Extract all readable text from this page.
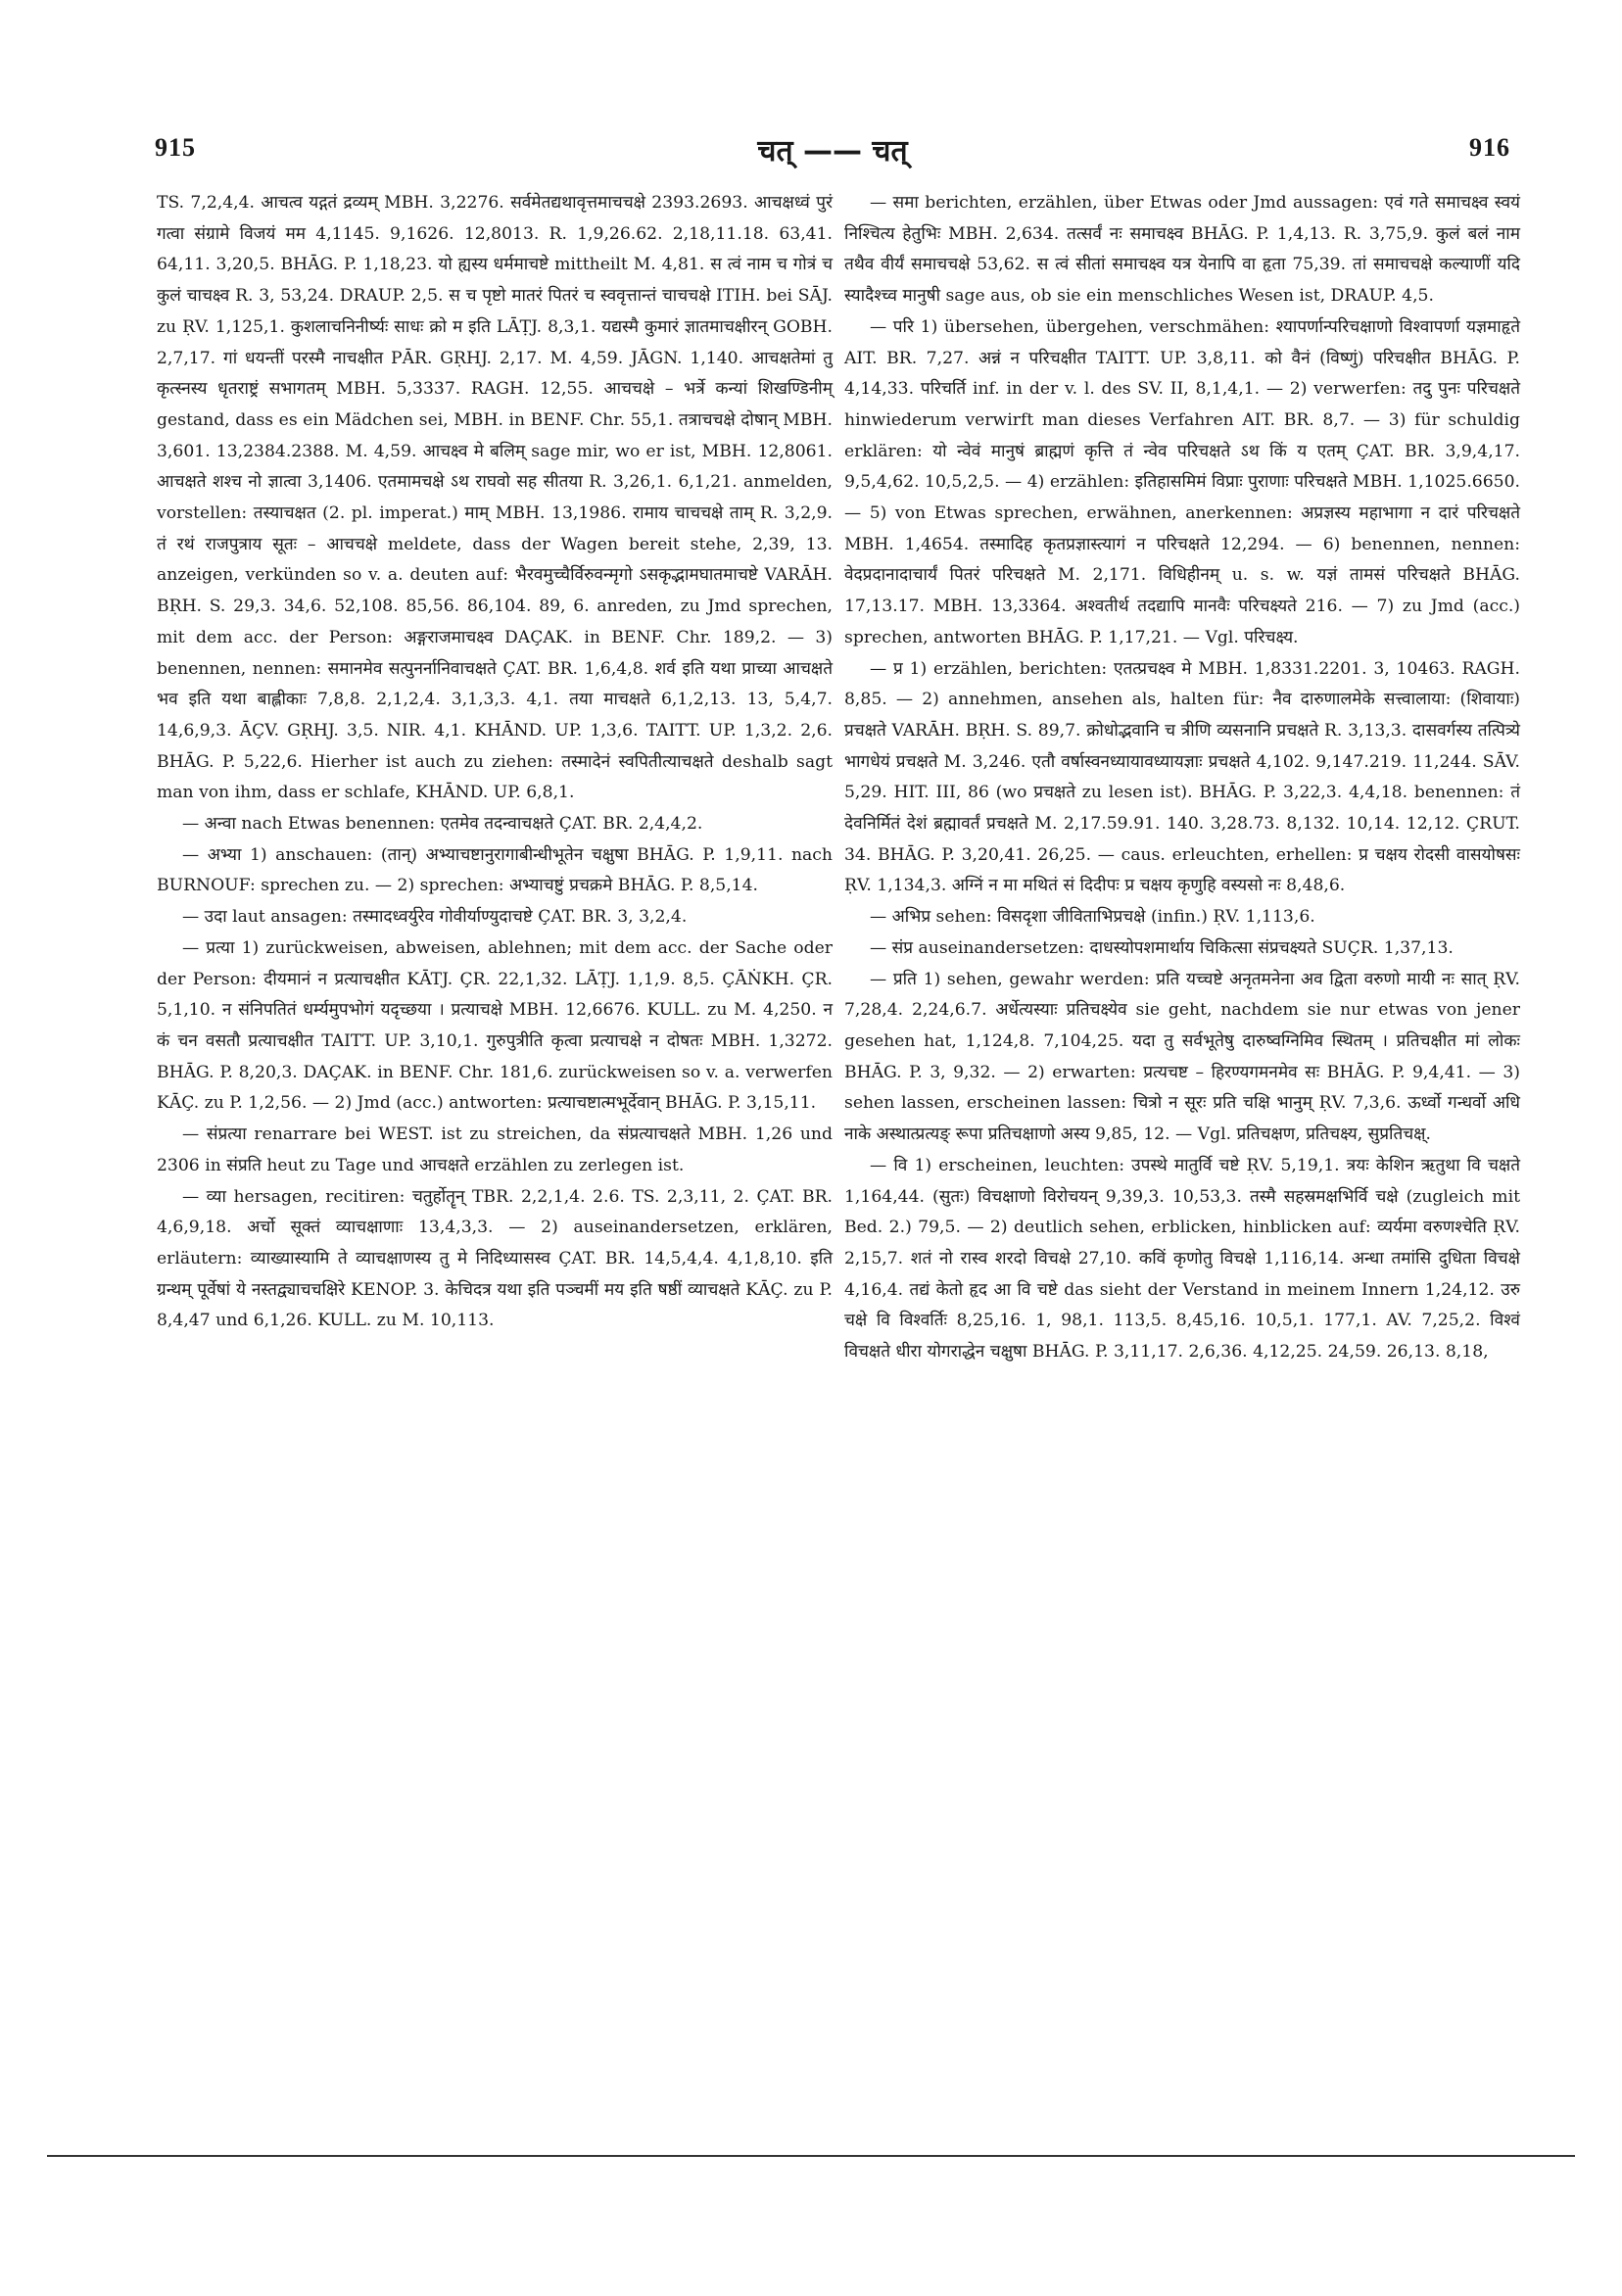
915	चत् —— चत्	916

TS. 7,2,4,4. आचत्व यद्गतं द्रव्यम् MBH. 3,2276. सर्वमेतद्यथावृत्तमाचचक्षे 2393.2693. आचक्षध्वं पुरं गत्वा संग्रामे विजयं मम 4,1145. 9,1626. 12,8013. R. 1,9,26.62. 2,18,11.18. 63,41. 64,11. 3,20,5. BHĀG. P. 1,18,23. यो ह्यस्य धर्ममाचष्टे mittheilt M. 4,81. स त्वं नाम च गोत्रं च कुलं चाचक्ष्व R. 3, 53,24. DRAUP. 2,5. स च पृष्टो मातरं पितरं च स्ववृत्तान्तं चाचचक्षे ITIH. bei SĀJ. zu ṚV. 1,125,1. कुशलाचनिनीर्ष्यः साधः क्रो म इति LĀṬJ. 8,3,1. यद्यस्मै कुमारं ज्ञातमाचक्षीरन् GOBH. 2,7,17. गां धयन्तीं परस्मै नाचक्षीत PĀR. GṚHJ. 2,17. M. 4,59. JĀGN. 1,140. आचक्षतेमां तु कृत्स्नस्य धृतराष्ट्रं सभागतम् MBH. 5,3337. RAGH. 12,55. आचचक्षे – भर्त्रे कन्यां शिखण्डिनीम् gestand, dass es ein Mädchen sei, MBH. in BENF. Chr. 55,1. तत्राचचक्षे दोषान् MBH. 3,601. 13,2384.2388. M. 4,59. आचक्ष्व मे बलिम् sage mir, wo er ist, MBH. 12,8061. आचक्षते शश्च नो ज्ञात्वा 3,1406. एतमामचक्षे ऽथ राघवो सह सीतया R. 3,26,1. 6,1,21. anmelden, vorstellen: तस्याचक्षत (2. pl. imperat.) माम् MBH. 13,1986. रामाय चाचचक्षे ताम् R. 3,2,9. तं रथं राजपुत्राय सूतः – आचचक्षे meldete, dass der Wagen bereit stehe, 2,39, 13. anzeigen, verkünden so v. a. deuten auf: भैरवमुच्चैर्विरुवन्मृगो ऽसकृद्भामघातमाचष्टे VARĀH. BṚH. S. 29,3. 34,6. 52,108. 85,56. 86,104. 89, 6. anreden, zu Jmd sprechen, mit dem acc. der Person: अङ्गराजमाचक्ष्व DAÇAK. in BENF. Chr. 189,2. — 3) benennen, nennen: समानमेव सत्पुनर्नानिवाचक्षते ÇAT. BR. 1,6,4,8. शर्व इति यथा प्राच्या आचक्षते भव इति यथा बाह्लीकाः 7,8,8. 2,1,2,4. 3,1,3,3. 4,1. तया माचक्षते 6,1,2,13. 13, 5,4,7. 14,6,9,3. ĀÇV. GṚHJ. 3,5. NIR. 4,1. KHĀND. UP. 1,3,6. TAITT. UP. 1,3,2. 2,6. BHĀG. P. 5,22,6. Hierher ist auch zu ziehen: तस्मादेनं स्वपितीत्याचक्षते deshalb sagt man von ihm, dass er schlafe, KHĀND. UP. 6,8,1.

— अन्वा nach Etwas benennen: एतमेव तदन्वाचक्षते ÇAT. BR. 2,4,4,2.

— अभ्या 1) anschauen: (तान्) अभ्याचष्टानुरागाबीन्धीभूतेन चक्षुषा BHĀG. P. 1,9,11. nach BURNOUF: sprechen zu. — 2) sprechen: अभ्याचष्टुं प्रचक्रमे BHĀG. P. 8,5,14.

— उदा laut ansagen: तस्मादध्वर्युरेव गोवीर्याण्युदाचष्टे ÇAT. BR. 3, 3,2,4.

— प्रत्या 1) zurückweisen, abweisen, ablehnen; mit dem acc. der Sache oder der Person: दीयमानं न प्रत्याचक्षीत KĀTJ. ÇR. 22,1,32. LĀṬJ. 1,1,9. 8,5. ÇĀṄKH. ÇR. 5,1,10. न संनिपतितं धर्म्यमुपभोगं यदृच्छया । प्रत्याचक्षे MBH. 12,6676. KULL. zu M. 4,250. न कं चन वसतौ प्रत्याचक्षीत TAITT. UP. 3,10,1. गुरुपुत्रीति कृत्वा प्रत्याचक्षे न दोषतः MBH. 1,3272. BHĀG. P. 8,20,3. DAÇAK. in BENF. Chr. 181,6. zurückweisen so v. a. verwerfen KĀÇ. zu P. 1,2,56. — 2) Jmd (acc.) antworten: प्रत्याचष्टात्मभूर्देवान् BHĀG. P. 3,15,11.

— संप्रत्या renarrare bei WEST. ist zu streichen, da संप्रत्याचक्षते MBH. 1,26 und 2306 in संप्रति heut zu Tage und आचक्षते erzählen zu zerlegen ist.

— व्या hersagen, recitiren: चतुर्होतॄन् TBR. 2,2,1,4. 2.6. TS. 2,3,11, 2. ÇAT. BR. 4,6,9,18. अर्चो सूक्तं व्याचक्षाणाः 13,4,3,3. — 2) auseinandersetzen, erklären, erläutern: व्याख्यास्यामि ते व्याचक्षाणस्य तु मे निदिध्यासस्व ÇAT. BR. 14,5,4,4. 4,1,8,10. इति ग्रन्थम् पूर्वेषां ये नस्तद्व्याचचक्षिरे KENOP. 3. केचिदत्र यथा इति पञ्चमीं मय इति षष्ठीं व्याचक्षते KĀÇ. zu P. 8,4,47 und 6,1,26. KULL. zu M. 10,113.

— समा berichten, erzählen, über Etwas oder Jmd aussagen: एवं गते समाचक्ष्व स्वयं निश्चित्य हेतुभिः MBH. 2,634. तत्सर्वं नः समाचक्ष्व BHĀG. P. 1,4,13. R. 3,75,9. कुलं बलं नाम तथैव वीर्यं समाचचक्षे 53,62. स त्वं सीतां समाचक्ष्व यत्र येनापि वा हृता 75,39. तां समाचचक्षे कल्याणीं यदि स्यादैश्च्व मानुषी sage aus, ob sie ein menschliches Wesen ist, DRAUP. 4,5.

— परि 1) übersehen, übergehen, verschmähen: श्यापर्णान्परिचक्षाणो विश्वापर्णा यज्ञमाहृते AIT. BR. 7,27. अन्नं न परिचक्षीत TAITT. UP. 3,8,11. को वैनं (विष्णुं) परिचक्षीत BHĀG. P. 4,14,33. परिचर्ति inf. in der v. l. des SV. II, 8,1,4,1. — 2) verwerfen: तदु पुनः परिचक्षते hinwiederum verwirft man dieses Verfahren AIT. BR. 8,7. — 3) für schuldig erklären: यो न्वेवं मानुषं ब्राह्मणं कृत्ति तं न्वेव परिचक्षते ऽथ किं य एतम् ÇAT. BR. 3,9,4,17. 9,5,4,62. 10,5,2,5. — 4) erzählen: इतिहासमिमं विप्राः पुराणाः परिचक्षते MBH. 1,1025.6650. — 5) von Etwas sprechen, erwähnen, anerkennen: अप्रज्ञस्य महाभागा न दारं परिचक्षते MBH. 1,4654. तस्मादिह कृतप्रज्ञास्त्यागं न परिचक्षते 12,294. — 6) benennen, nennen: वेदप्रदानादाचार्यं पितरं परिचक्षते M. 2,171. विधिहीनम् u. s. w. यज्ञं तामसं परिचक्षते BHĀG. 17,13.17. MBH. 13,3364. अश्वतीर्थ तदद्यापि मानवैः परिचक्ष्यते 216. — 7) zu Jmd (acc.) sprechen, antworten BHĀG. P. 1,17,21. — Vgl. परिचक्ष्य.

— प्र 1) erzählen, berichten: एतत्प्रचक्ष्व मे MBH. 1,8331.2201. 3, 10463. RAGH. 8,85. — 2) annehmen, ansehen als, halten für: नैव दारुणालमेके सत्त्वालाया: (शिवायाः) प्रचक्षते VARĀH. BṚH. S. 89,7. क्रोधोद्भवानि च त्रीणि व्यसनानि प्रचक्षते R. 3,13,3. दासवर्गस्य तत्पित्र्ये भागधेयं प्रचक्षते M. 3,246. एतौ वर्षास्वनध्यायावध्यायज्ञाः प्रचक्षते 4,102. 9,147.219. 11,244. SĀV. 5,29. HIT. III, 86 (wo प्रचक्षते zu lesen ist). BHĀG. P. 3,22,3. 4,4,18. benennen: तं देवनिर्मितं देशं ब्रह्मावर्तं प्रचक्षते M. 2,17.59.91. 140. 3,28.73. 8,132. 10,14. 12,12. ÇRUT. 34. BHĀG. P. 3,20,41. 26,25. — caus. erleuchten, erhellen: प्र चक्षय रोदसी वासयोषसः ṚV. 1,134,3. अग्निं न मा मथितं सं दिदीपः प्र चक्षय कृणुहि वस्यसो नः 8,48,6.

— अभिप्र sehen: विसदृशा जीविताभिप्रचक्षे (infin.) ṚV. 1,113,6.

— संप्र auseinandersetzen: दाधस्योपशमार्थाय चिकित्सा संप्रचक्ष्यते SUÇR. 1,37,13.

— प्रति 1) sehen, gewahr werden: प्रति यच्चष्टे अनृतमनेना अव द्विता वरुणो मायी नः सात् ṚV. 7,28,4. 2,24,6.7. अर्धेत्यस्याः प्रतिचक्ष्येव sie geht, nachdem sie nur etwas von jener gesehen hat, 1,124,8. 7,104,25. यदा तु सर्वभूतेषु दारुष्वग्निमिव स्थितम् । प्रतिचक्षीत मां लोकः BHĀG. P. 3, 9,32. — 2) erwarten: प्रत्यचष्ट – हिरण्यगमनमेव सः BHĀG. P. 9,4,41. — 3) sehen lassen, erscheinen lassen: चित्रो न सूरः प्रति चक्षि भानुम् ṚV. 7,3,6. ऊर्ध्वो गन्धर्वो अधि नाके अस्थात्प्रत्यङ् रूपा प्रतिचक्षाणो अस्य 9,85, 12. — Vgl. प्रतिचक्षण, प्रतिचक्ष्य, सुप्रतिचक्ष्.

— वि 1) erscheinen, leuchten: उपस्थे मातुर्वि चष्टे ṚV. 5,19,1. त्रयः केशिन ऋतुथा वि चक्षते 1,164,44. (सुतः) विचक्षाणो विरोचयन् 9,39,3. 10,53,3. तस्मै सहस्रमक्षभिर्वि चक्षे (zugleich mit Bed. 2.) 79,5. — 2) deutlich sehen, erblicken, hinblicken auf: व्यर्यमा वरुणश्चेति ṚV. 2,15,7. शतं नो रास्व शरदो विचक्षे 27,10. कविं कृणोतु विचक्षे 1,116,14. अन्धा तमांसि दुधिता विचक्षे 4,16,4. तद्यं केतो हृद आ वि चष्टे das sieht der Verstand in meinem Innern 1,24,12. उरु चक्षे वि विश्वर्तिः 8,25,16. 1, 98,1. 113,5. 8,45,16. 10,5,1. 177,1. AV. 7,25,2. विश्वं विचक्षते धीरा योगराद्धेन चक्षुषा BHĀG. P. 3,11,17. 2,6,36. 4,12,25. 24,59. 26,13. 8,18,
